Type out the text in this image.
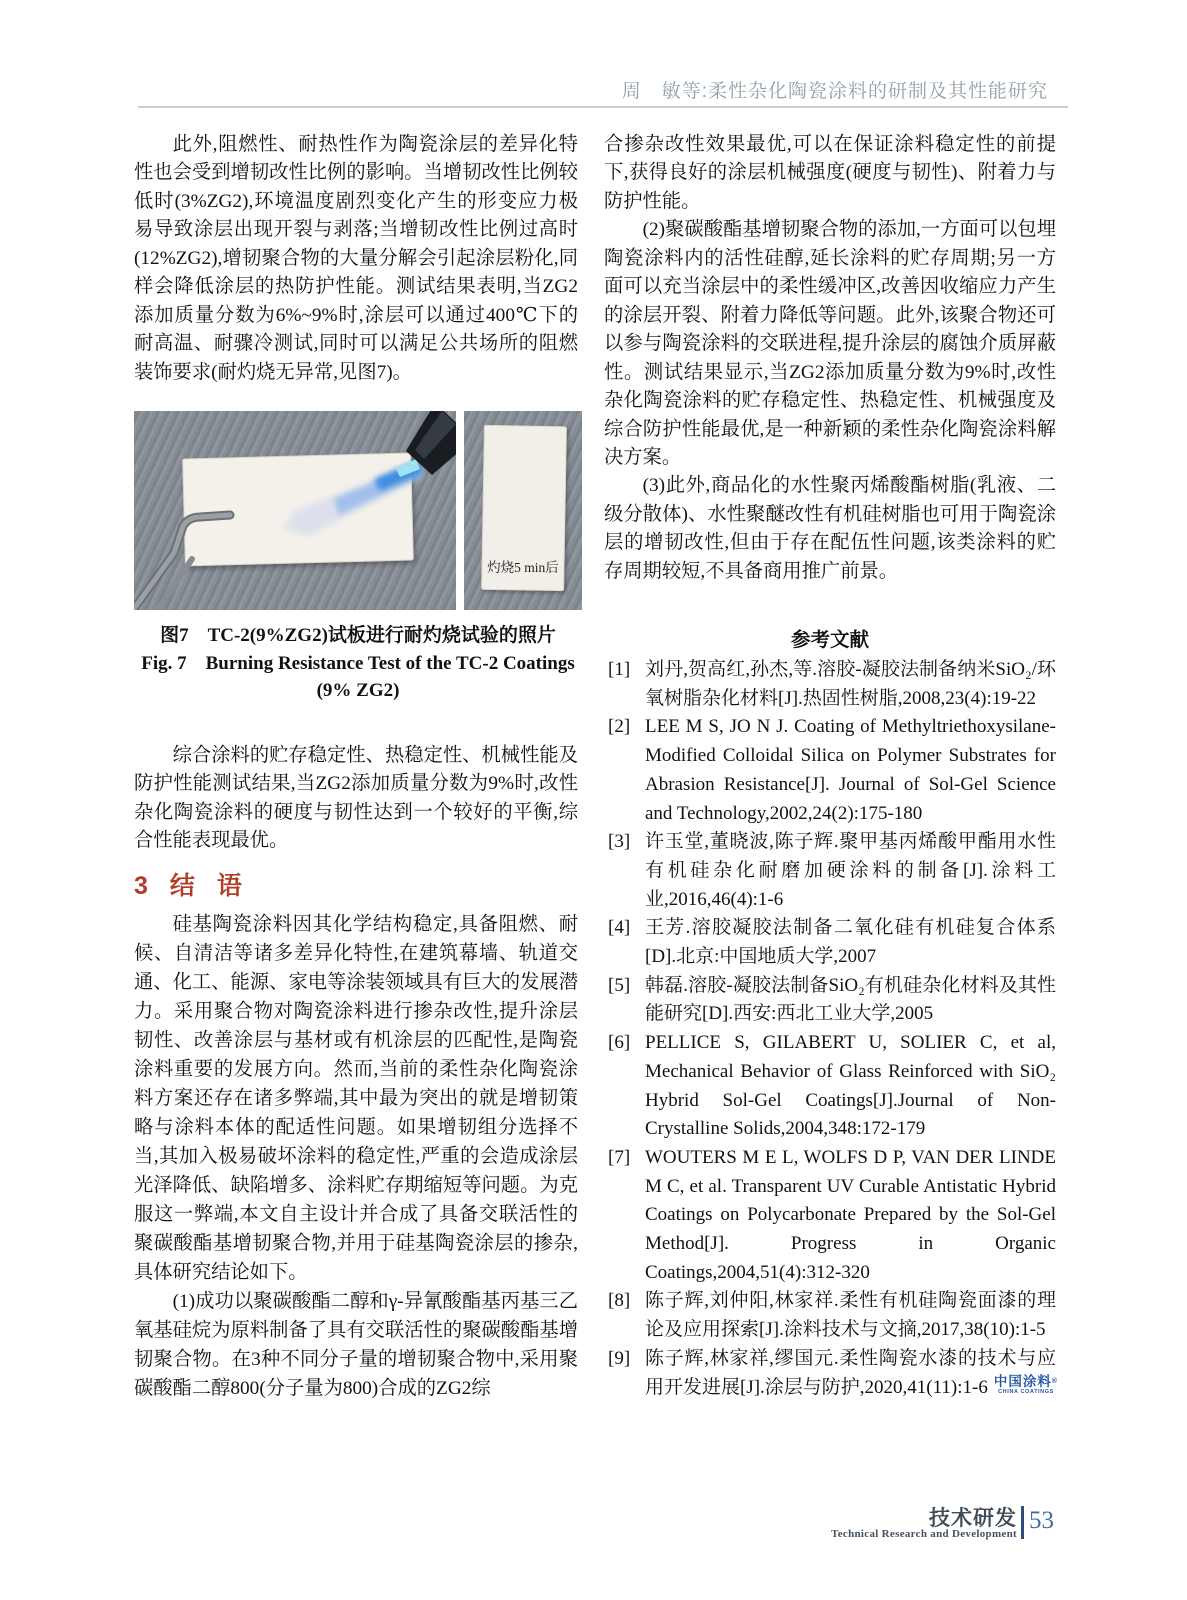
周　敏等:柔性杂化陶瓷涂料的研制及其性能研究

此外,阻燃性、耐热性作为陶瓷涂层的差异化特性也会受到增韧改性比例的影响。当增韧改性比例较低时(3%ZG2),环境温度剧烈变化产生的形变应力极易导致涂层出现开裂与剥落;当增韧改性比例过高时(12%ZG2),增韧聚合物的大量分解会引起涂层粉化,同样会降低涂层的热防护性能。测试结果表明,当ZG2添加质量分数为6%~9%时,涂层可以通过400℃下的耐高温、耐骤冷测试,同时可以满足公共场所的阻燃装饰要求(耐灼烧无异常,见图7)。

灼烧5 min后
图7　TC-2(9%ZG2)试板进行耐灼烧试验的照片
Fig. 7　Burning Resistance Test of the TC-2 Coatings
(9% ZG2)

综合涂料的贮存稳定性、热稳定性、机械性能及防护性能测试结果,当ZG2添加质量分数为9%时,改性杂化陶瓷涂料的硬度与韧性达到一个较好的平衡,综合性能表现最优。

3 结 语

硅基陶瓷涂料因其化学结构稳定,具备阻燃、耐候、自清洁等诸多差异化特性,在建筑幕墙、轨道交通、化工、能源、家电等涂装领域具有巨大的发展潜力。采用聚合物对陶瓷涂料进行掺杂改性,提升涂层韧性、改善涂层与基材或有机涂层的匹配性,是陶瓷涂料重要的发展方向。然而,当前的柔性杂化陶瓷涂料方案还存在诸多弊端,其中最为突出的就是增韧策略与涂料本体的配适性问题。如果增韧组分选择不当,其加入极易破坏涂料的稳定性,严重的会造成涂层光泽降低、缺陷增多、涂料贮存期缩短等问题。为克服这一弊端,本文自主设计并合成了具备交联活性的聚碳酸酯基增韧聚合物,并用于硅基陶瓷涂层的掺杂,具体研究结论如下。

(1)成功以聚碳酸酯二醇和γ-异氰酸酯基丙基三乙氧基硅烷为原料制备了具有交联活性的聚碳酸酯基增韧聚合物。在3种不同分子量的增韧聚合物中,采用聚碳酸酯二醇800(分子量为800)合成的ZG2综

合掺杂改性效果最优,可以在保证涂料稳定性的前提下,获得良好的涂层机械强度(硬度与韧性)、附着力与防护性能。

(2)聚碳酸酯基增韧聚合物的添加,一方面可以包埋陶瓷涂料内的活性硅醇,延长涂料的贮存周期;另一方面可以充当涂层中的柔性缓冲区,改善因收缩应力产生的涂层开裂、附着力降低等问题。此外,该聚合物还可以参与陶瓷涂料的交联进程,提升涂层的腐蚀介质屏蔽性。测试结果显示,当ZG2添加质量分数为9%时,改性杂化陶瓷涂料的贮存稳定性、热稳定性、机械强度及综合防护性能最优,是一种新颖的柔性杂化陶瓷涂料解决方案。

(3)此外,商品化的水性聚丙烯酸酯树脂(乳液、二级分散体)、水性聚醚改性有机硅树脂也可用于陶瓷涂层的增韧改性,但由于存在配伍性问题,该类涂料的贮存周期较短,不具备商用推广前景。

参考文献
[1] 刘丹,贺高红,孙杰,等.溶胶-凝胶法制备纳米SiO₂/环氧树脂杂化材料[J].热固性树脂,2008,23(4):19-22
[2] LEE M S, JO N J. Coating of Methyltriethoxysilane-Modified Colloidal Silica on Polymer Substrates for Abrasion Resistance[J]. Journal of Sol-Gel Science and Technology,2002,24(2):175-180
[3] 许玉堂,董晓波,陈子辉.聚甲基丙烯酸甲酯用水性有机硅杂化耐磨加硬涂料的制备[J].涂料工业,2016,46(4):1-6
[4] 王芳.溶胶凝胶法制备二氧化硅有机硅复合体系[D].北京:中国地质大学,2007
[5] 韩磊.溶胶-凝胶法制备SiO₂有机硅杂化材料及其性能研究[D].西安:西北工业大学,2005
[6] PELLICE S, GILABERT U, SOLIER C, et al, Mechanical Behavior of Glass Reinforced with SiO₂ Hybrid Sol-Gel Coatings[J].Journal of Non-Crystalline Solids,2004,348:172-179
[7] WOUTERS M E L, WOLFS D P, VAN DER LINDE M C, et al. Transparent UV Curable Antistatic Hybrid Coatings on Polycarbonate Prepared by the Sol-Gel Method[J]. Progress in Organic Coatings,2004,51(4):312-320
[8] 陈子辉,刘仲阳,林家祥.柔性有机硅陶瓷面漆的理论及应用探索[J].涂料技术与文摘,2017,38(10):1-5
[9] 陈子辉,林家祥,缪国元.柔性陶瓷水漆的技术与应用开发进展[J].涂层与防护,2020,41(11):1-6 中国涂料®
CHINA COATINGS
技术研发
Technical Research and Development 53
